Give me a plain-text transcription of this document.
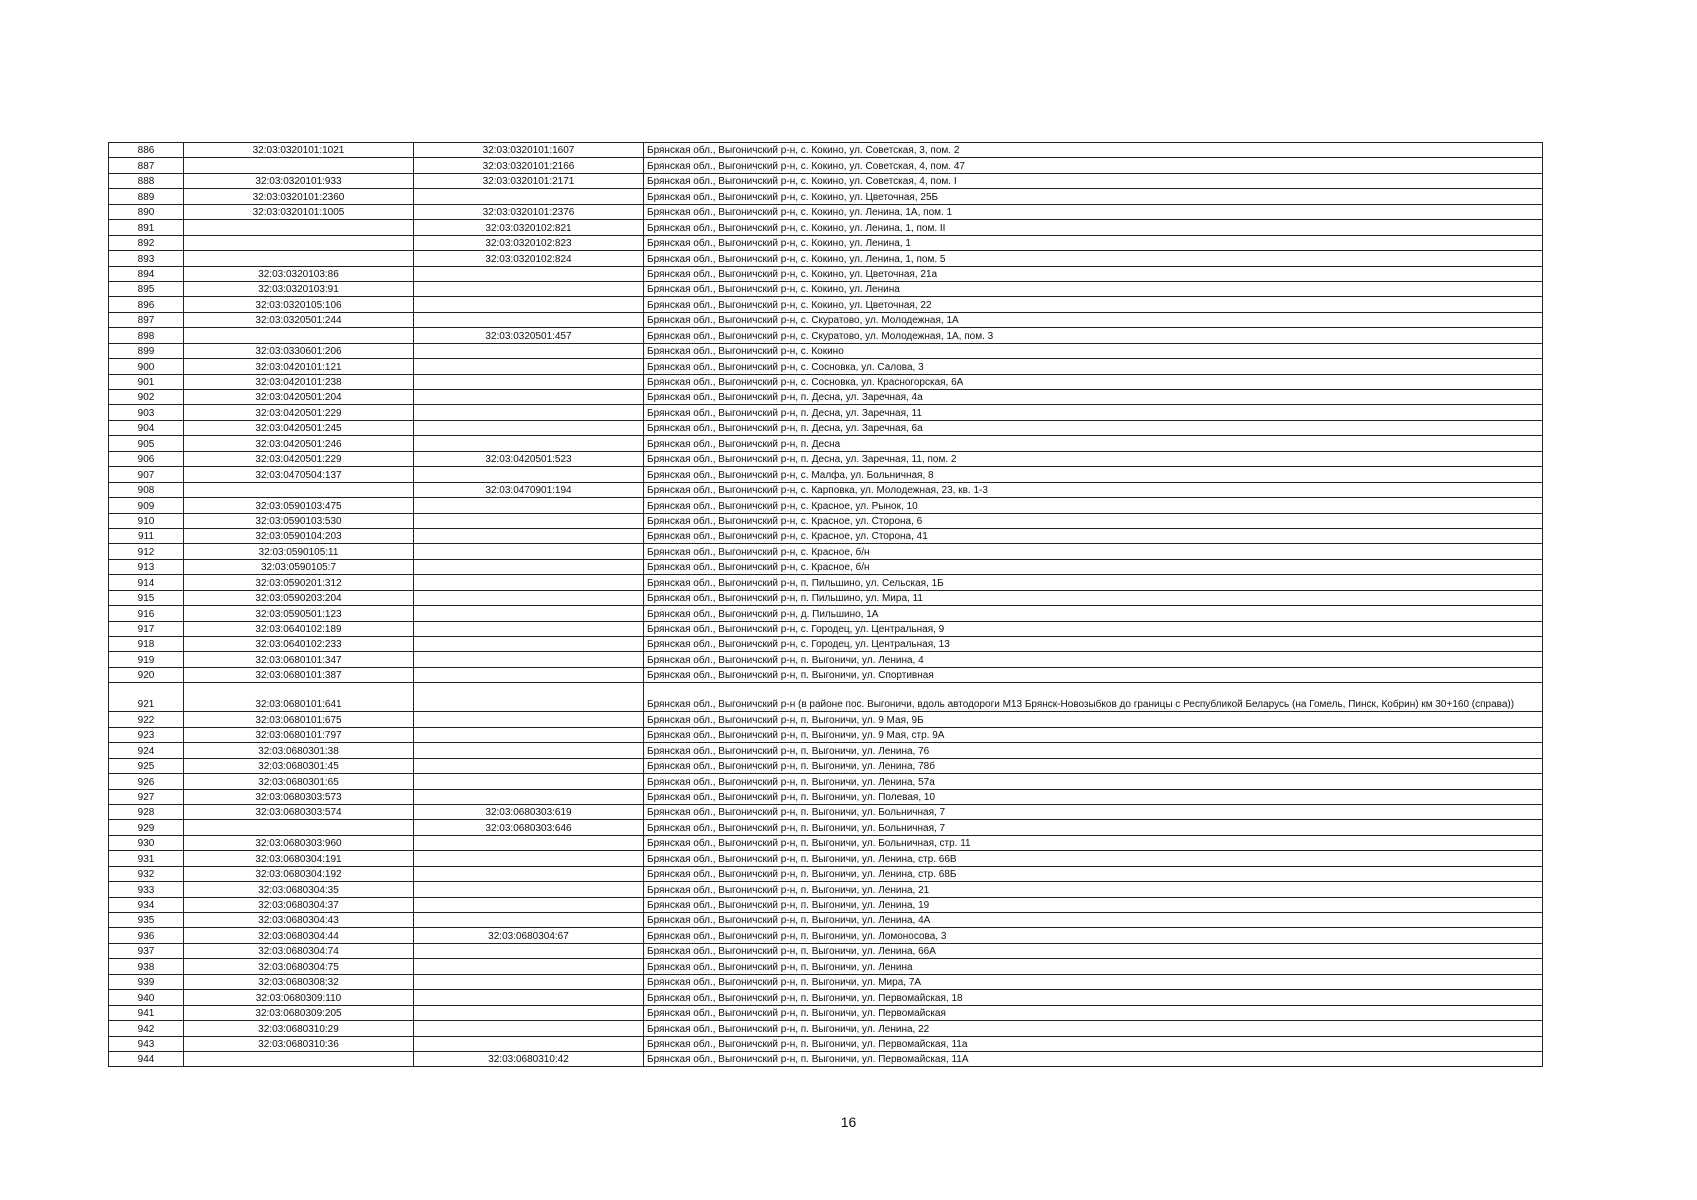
886	32:03:0320101:1021	32:03:0320101:1607	Брянская обл., Выгоничский р-н, с. Кокино, ул. Советская, 3, пом. 2
887		32:03:0320101:2166	Брянская обл., Выгоничский р-н, с. Кокино, ул. Советская, 4, пом. 47
888	32:03:0320101:933	32:03:0320101:2171	Брянская обл., Выгоничский р-н, с. Кокино, ул. Советская, 4, пом. I
889	32:03:0320101:2360		Брянская обл., Выгоничский р-н, с. Кокино, ул. Цветочная, 25Б
890	32:03:0320101:1005	32:03:0320101:2376	Брянская обл., Выгоничский р-н, с. Кокино, ул. Ленина, 1А, пом. 1
891		32:03:0320102:821	Брянская обл., Выгоничский р-н, с. Кокино, ул. Ленина, 1, пом. II
892		32:03:0320102:823	Брянская обл., Выгоничский р-н, с. Кокино, ул. Ленина, 1
893		32:03:0320102:824	Брянская обл., Выгоничский р-н, с. Кокино, ул. Ленина, 1, пом. 5
894	32:03:0320103:86		Брянская обл., Выгоничский р-н, с. Кокино, ул. Цветочная, 21а
895	32:03:0320103:91		Брянская обл., Выгоничский р-н, с. Кокино, ул. Ленина
896	32:03:0320105:106		Брянская обл., Выгоничский р-н, с. Кокино, ул. Цветочная, 22
897	32:03:0320501:244		Брянская обл., Выгоничский р-н, с. Скуратово, ул. Молодежная, 1А
898		32:03:0320501:457	Брянская обл., Выгоничский р-н, с. Скуратово, ул. Молодежная, 1А, пом. 3
899	32:03:0330601:206		Брянская обл., Выгоничский р-н, с. Кокино
900	32:03:0420101:121		Брянская обл., Выгоничский р-н, с. Сосновка, ул. Салова, 3
901	32:03:0420101:238		Брянская обл., Выгоничский р-н, с. Сосновка, ул. Красногорская, 6А
902	32:03:0420501:204		Брянская обл., Выгоничский р-н, п. Десна, ул. Заречная, 4а
903	32:03:0420501:229		Брянская обл., Выгоничский р-н, п. Десна, ул. Заречная, 11
904	32:03:0420501:245		Брянская обл., Выгоничский р-н, п. Десна, ул. Заречная, 6а
905	32:03:0420501:246		Брянская обл., Выгоничский р-н, п. Десна
906	32:03:0420501:229	32:03:0420501:523	Брянская обл., Выгоничский р-н, п. Десна, ул. Заречная, 11, пом. 2
907	32:03:0470504:137		Брянская обл., Выгоничский р-н, с. Малфа, ул. Больничная, 8
908		32:03:0470901:194	Брянская обл., Выгоничский р-н, с. Карповка, ул. Молодежная, 23, кв. 1-3
909	32:03:0590103:475		Брянская обл., Выгоничский р-н, с. Красное, ул. Рынок, 10
910	32:03:0590103:530		Брянская обл., Выгоничский р-н, с. Красное, ул. Сторона, 6
911	32:03:0590104:203		Брянская обл., Выгоничский р-н, с. Красное, ул. Сторона, 41
912	32:03:0590105:11		Брянская обл., Выгоничский р-н, с. Красное, б/н
913	32:03:0590105:7		Брянская обл., Выгоничский р-н, с. Красное, б/н
914	32:03:0590201:312		Брянская обл., Выгоничский р-н, п. Пильшино, ул. Сельская, 1Б
915	32:03:0590203:204		Брянская обл., Выгоничский р-н, п. Пильшино, ул. Мира, 11
916	32:03:0590501:123		Брянская обл., Выгоничский р-н, д. Пильшино, 1А
917	32:03:0640102:189		Брянская обл., Выгоничский р-н, с. Городец, ул. Центральная, 9
918	32:03:0640102:233		Брянская обл., Выгоничский р-н, с. Городец, ул. Центральная, 13
919	32:03:0680101:347		Брянская обл., Выгоничский р-н, п. Выгоничи, ул. Ленина, 4
920	32:03:0680101:387		Брянская обл., Выгоничский р-н, п. Выгоничи, ул. Спортивная
921	32:03:0680101:641		Брянская обл., Выгоничский р-н (в районе пос. Выгоничи, вдоль автодороги М13 Брянск-Новозыбков до границы с Республикой Беларусь (на Гомель, Пинск, Кобрин) км 30+160 (справа))
922	32:03:0680101:675		Брянская обл., Выгоничский р-н, п. Выгоничи, ул. 9 Мая, 9Б
923	32:03:0680101:797		Брянская обл., Выгоничский р-н, п. Выгоничи, ул. 9 Мая, стр. 9А
924	32:03:0680301:38		Брянская обл., Выгоничский р-н, п. Выгоничи, ул. Ленина, 76
925	32:03:0680301:45		Брянская обл., Выгоничский р-н, п. Выгоничи, ул. Ленина, 78б
926	32:03:0680301:65		Брянская обл., Выгоничский р-н, п. Выгоничи, ул. Ленина, 57а
927	32:03:0680303:573		Брянская обл., Выгоничский р-н, п. Выгоничи, ул. Полевая, 10
928	32:03:0680303:574	32:03:0680303:619	Брянская обл., Выгоничский р-н, п. Выгоничи, ул. Больничная, 7
929		32:03:0680303:646	Брянская обл., Выгоничский р-н, п. Выгоничи, ул. Больничная, 7
930	32:03:0680303:960		Брянская обл., Выгоничский р-н, п. Выгоничи, ул. Больничная, стр. 11
931	32:03:0680304:191		Брянская обл., Выгоничский р-н, п. Выгоничи, ул. Ленина, стр. 66В
932	32:03:0680304:192		Брянская обл., Выгоничский р-н, п. Выгоничи, ул. Ленина, стр. 68Б
933	32:03:0680304:35		Брянская обл., Выгоничский р-н, п. Выгоничи, ул. Ленина, 21
934	32:03:0680304:37		Брянская обл., Выгоничский р-н, п. Выгоничи, ул. Ленина, 19
935	32:03:0680304:43		Брянская обл., Выгоничский р-н, п. Выгоничи, ул. Ленина, 4А
936	32:03:0680304:44	32:03:0680304:67	Брянская обл., Выгоничский р-н, п. Выгоничи, ул. Ломоносова, 3
937	32:03:0680304:74		Брянская обл., Выгоничский р-н, п. Выгоничи, ул. Ленина, 66А
938	32:03:0680304:75		Брянская обл., Выгоничский р-н, п. Выгоничи, ул. Ленина
939	32:03:0680308:32		Брянская обл., Выгоничский р-н, п. Выгоничи, ул. Мира, 7А
940	32:03:0680309:110		Брянская обл., Выгоничский р-н, п. Выгоничи, ул. Первомайская, 18
941	32:03:0680309:205		Брянская обл., Выгоничский р-н, п. Выгоничи, ул. Первомайская
942	32:03:0680310:29		Брянская обл., Выгоничский р-н, п. Выгоничи, ул. Ленина, 22
943	32:03:0680310:36		Брянская обл., Выгоничский р-н, п. Выгоничи, ул. Первомайская, 11а
944		32:03:0680310:42	Брянская обл., Выгоничский р-н, п. Выгоничи, ул. Первомайская, 11А
16
